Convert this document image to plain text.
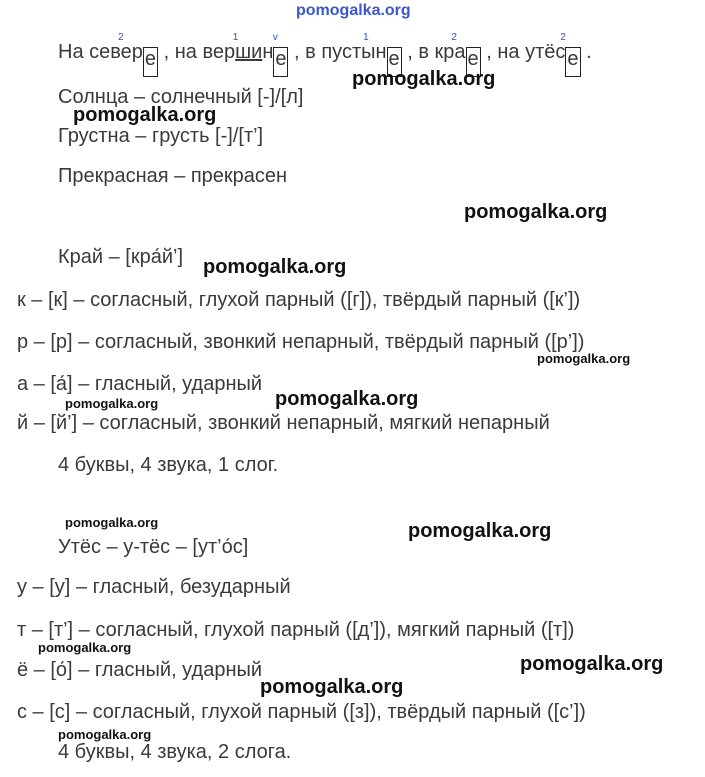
pomogalka.org
2
На север е ,
1	v
на вершин е ,
1
в пустын е ,
2
в кра е ,
2
на утёс е .
Солнца – солнечный [-]/[л]
Грустна – грусть [-]/[т’]
Прекрасная – прекрасен
Край – [кра́й’]
к – [к] – согласный, глухой парный ([г]), твёрдый парный ([к’])
р – [р] – согласный, звонкий непарный, твёрдый парный ([р’])
а – [а́] – гласный, ударный
й – [й’] – согласный, звонкий непарный, мягкий непарный
4 буквы, 4 звука, 1 слог.
Утёс – у-тёс – [ут’о́с]
у – [у] – гласный, безударный
т – [т’] – согласный, глухой парный ([д’]), мягкий парный ([т])
ё – [о́] – гласный, ударный
с – [с] – согласный, глухой парный ([з]), твёрдый парный ([с’])
4 буквы, 4 звука, 2 слога.
pomogalka.org
pomogalka.org
pomogalka.org
pomogalka.org
pomogalka.org
pomogalka.org
pomogalka.org
pomogalka.org	pomogalka.org
pomogalka.org
pomogalka.org
pomogalka.org
pomogalka.org
